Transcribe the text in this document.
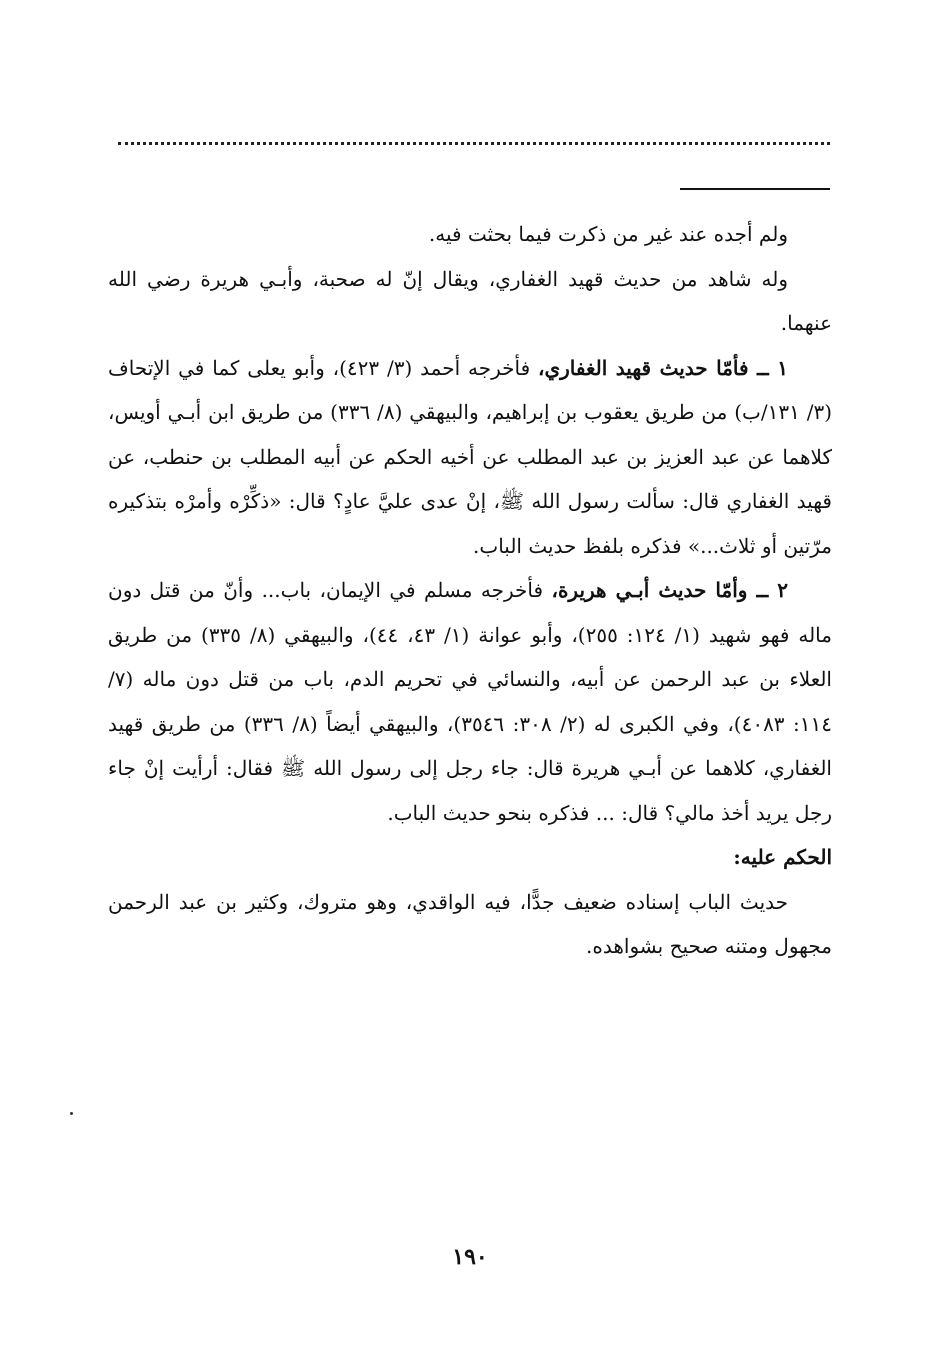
ولم أجده عند غير من ذكرت فيما بحثت فيه.

وله شاهد من حديث قهيد الغفاري، ويقال إنّ له صحبة، وأبـي هريرة رضي الله عنهما.

١ ــ فأمّا حديث قهيد الغفاري، فأخرجه أحمد (٣/ ٤٢٣)، وأبو يعلى كما في الإتحاف (٣/ ١٣١/ب) من طريق يعقوب بن إبراهيم، والبيهقي (٨/ ٣٣٦) من طريق ابن أبـي أويس، كلاهما عن عبد العزيز بن عبد المطلب عن أخيه الحكم عن أبيه المطلب بن حنطب، عن قهيد الغفاري قال: سألت رسول الله ﷺ، إنْ عدى عليَّ عادٍ؟ قال: «ذكِّرْه وأمرْه بتذكيره مرّتين أو ثلاث...» فذكره بلفظ حديث الباب.

٢ ــ وأمّا حديث أبـي هريرة، فأخرجه مسلم في الإيمان، باب... وأنّ من قتل دون ماله فهو شهيد (١/ ١٢٤: ٢٥٥)، وأبو عوانة (١/ ٤٣، ٤٤)، والبيهقي (٨/ ٣٣٥) من طريق العلاء بن عبد الرحمن عن أبيه، والنسائي في تحريم الدم، باب من قتل دون ماله (٧/ ١١٤: ٤٠٨٣)، وفي الكبرى له (٢/ ٣٠٨: ٣٥٤٦)، والبيهقي أيضاً (٨/ ٣٣٦) من طريق قهيد الغفاري، كلاهما عن أبـي هريرة قال: جاء رجل إلى رسول الله ﷺ فقال: أرأيت إنْ جاء رجل يريد أخذ مالي؟ قال: ... فذكره بنحو حديث الباب.

الحكم عليه:

حديث الباب إسناده ضعيف جدًّا، فيه الواقدي، وهو متروك، وكثير بن عبد الرحمن مجهول ومتنه صحيح بشواهده.

١٩٠
